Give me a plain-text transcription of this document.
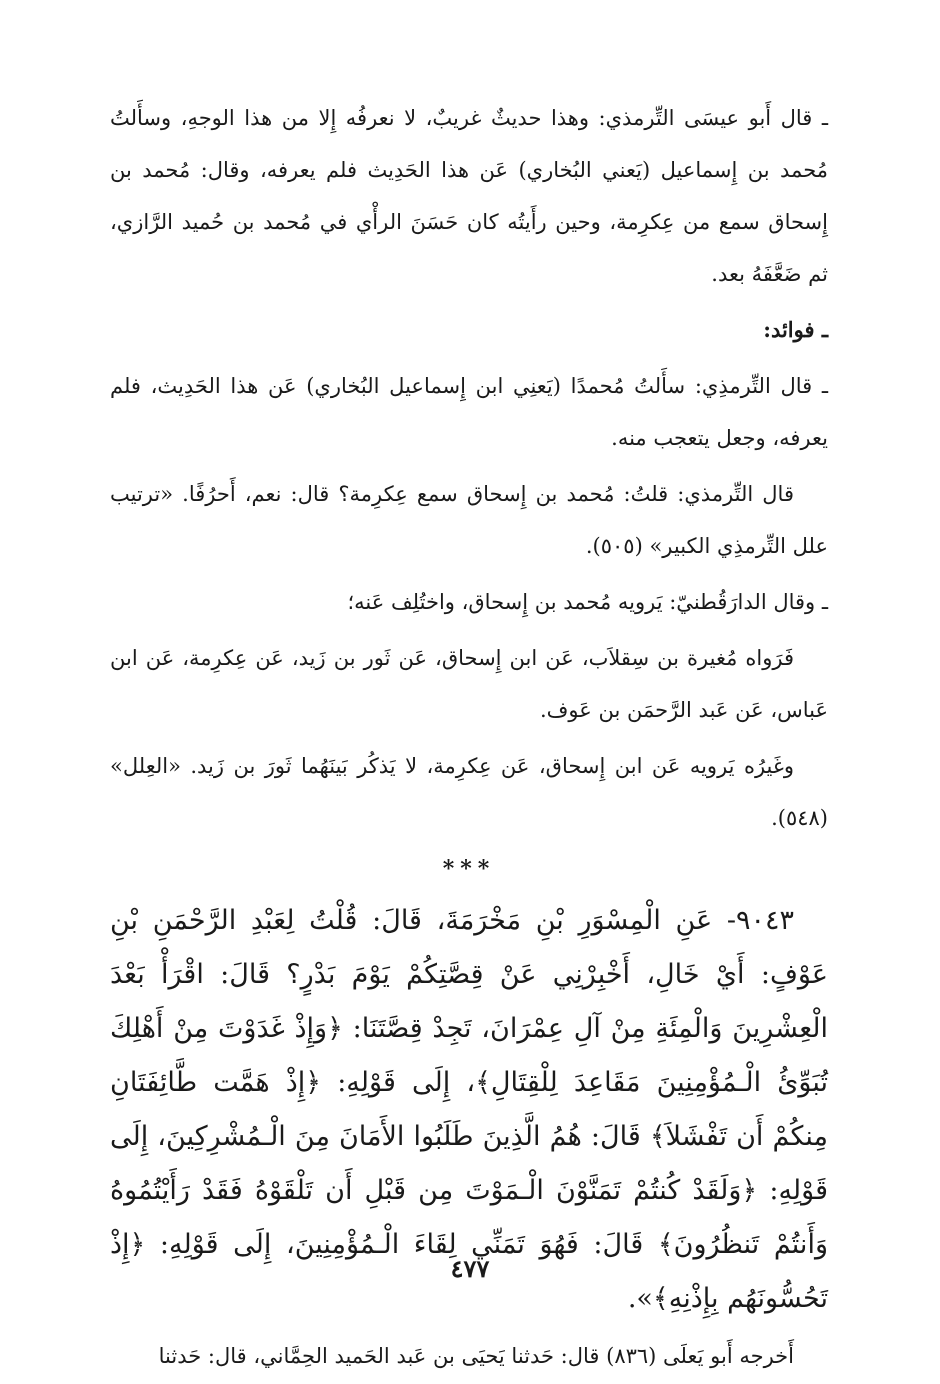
ـ قال أَبو عيسَى التِّرمذي: وهذا حديثٌ غريبٌ، لا نعرفُه إِلا من هذا الوجهِ، وسأَلتُ مُحمد بن إِسماعيل (يَعني البُخاري) عَن هذا الحَدِيث فلم يعرفه، وقال: مُحمد بن إِسحاق سمع من عِكرِمة، وحين رأَيتُه كان حَسَنَ الرأْي في مُحمد بن حُميد الرَّازي، ثم ضَعَّفَهُ بعد.

ـ فوائد:

ـ قال التِّرمذِي: سأَلتُ مُحمدًا (يَعنِي ابن إِسماعيل البُخاري) عَن هذا الحَدِيث، فلم يعرفه، وجعل يتعجب منه.

قال التِّرمذي: قلتُ: مُحمد بن إِسحاق سمع عِكرِمة؟ قال: نعم، أَحرُفًا. «ترتيب علل التِّرمذِي الكبير» (٥٠٥).

ـ وقال الدارَقُطنيّ: يَرويه مُحمد بن إِسحاق، واختُلِف عَنه؛

فَرَواه مُغيرة بن سِقلاَب، عَن ابن إِسحاق، عَن ثَور بن زَيد، عَن عِكرِمة، عَن ابن عَباس، عَن عَبد الرَّحمَن بن عَوف.

وغَيرُه يَرويه عَن ابن إِسحاق، عَن عِكرِمة، لا يَذكُر بَينَهُما ثَورَ بن زَيد. «العِلل» (٥٤٨).

***

٩٠٤٣- عَنِ الْمِسْوَرِ بْنِ مَخْرَمَةَ، قَالَ: قُلْتُ لِعَبْدِ الرَّحْمَنِ بْنِ عَوْفٍ: أَيْ خَالِ، أَخْبِرْنِي عَنْ قِصَّتِكُمْ يَوْمَ بَدْرٍ؟ قَالَ: اقْرَأْ بَعْدَ الْعِشْرِينَ وَالْمِئَةِ مِنْ آلِ عِمْرَانَ، تَجِدْ قِصَّتَنَا: ﴿وَإِذْ غَدَوْتَ مِنْ أَهْلِكَ تُبَوِّئُ الْـمُؤْمِنِينَ مَقَاعِدَ لِلْقِتَالِ﴾، إِلَى قَوْلِهِ: ﴿إِذْ هَمَّت طَّائِفَتَانِ مِنكُمْ أَن تَفْشَلاَ﴾ قَالَ: هُمُ الَّذِينَ طَلَبُوا الأَمَانَ مِنَ الْـمُشْرِكِينَ، إِلَى قَوْلِهِ: ﴿وَلَقَدْ كُنتُمْ تَمَنَّوْنَ الْـمَوْتَ مِن قَبْلِ أَن تَلْقَوْهُ فَقَدْ رَأَيْتُمُوهُ وَأَنتُمْ تَنظُرُونَ﴾ قَالَ: فَهُوَ تَمَنِّي لِقَاءَ الْـمُؤْمِنِينَ، إِلَى قَوْلِهِ: ﴿إِذْ تَحُسُّونَهُم بِإِذْنِهِ﴾».

أَخرجه أَبو يَعلَى (٨٣٦) قال: حَدثنا يَحيَى بن عَبد الحَميد الحِمَّاني، قال: حَدثنا

٤٧٧
